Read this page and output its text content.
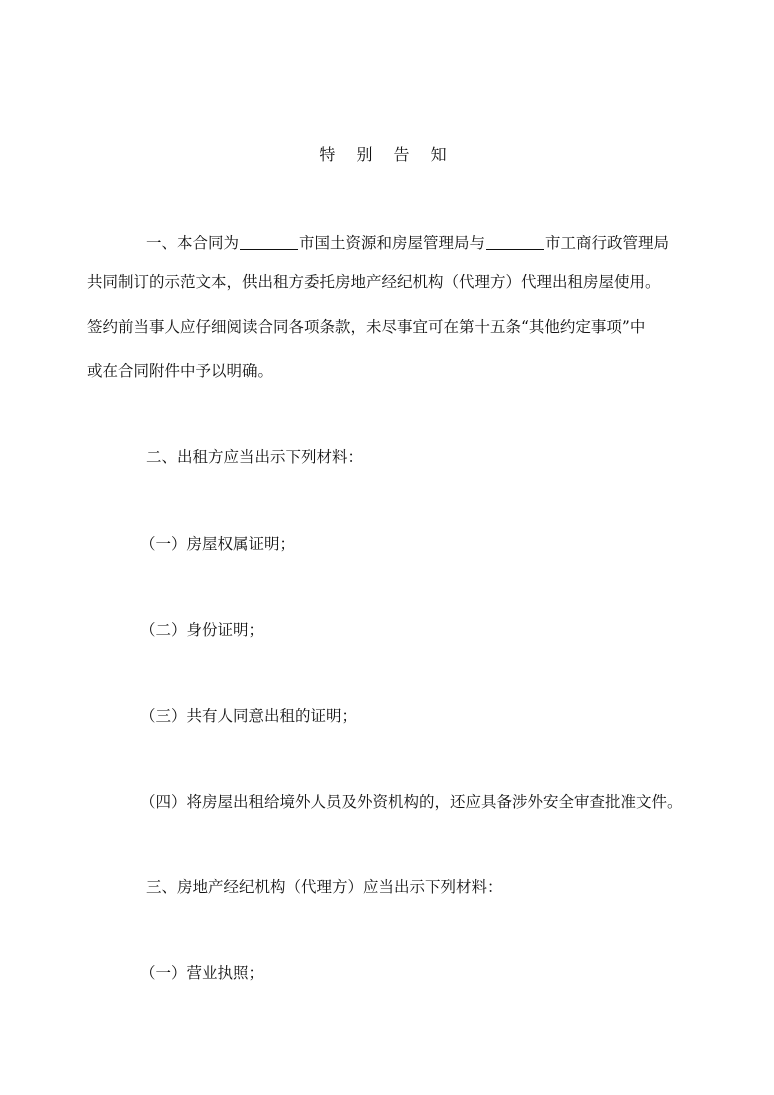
特 别 告 知
一、本合同为	市国土资源和房屋管理局与	市工商行政管理局
共同制订的示范文本，供出租方委托房地产经纪机构（代理方）代理出租房屋使用。
签约前当事人应仔细阅读合同各项条款，未尽事宜可在第十五条“其他约定事项”中
或在合同附件中予以明确。
二、出租方应当出示下列材料：
（一）房屋权属证明；
（二）身份证明；
（三）共有人同意出租的证明；
（四）将房屋出租给境外人员及外资机构的，还应具备涉外安全审查批准文件。
三、房地产经纪机构（代理方）应当出示下列材料：
（一）营业执照；
